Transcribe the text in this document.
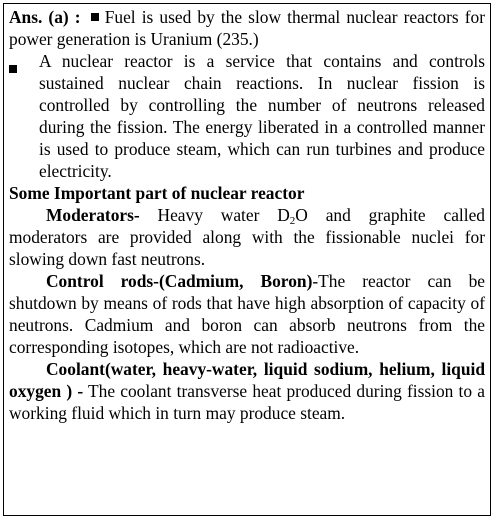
Ans. (a) : Fuel is used by the slow thermal nuclear reactors for power generation is Uranium (235.)

A nuclear reactor is a service that contains and controls sustained nuclear chain reactions. In nuclear fission is controlled by controlling the number of neutrons released during the fission. The energy liberated in a controlled manner is used to produce steam, which can run turbines and produce electricity.

Some Important part of nuclear reactor

Moderators- Heavy water $D_2O$ and graphite called moderators are provided along with the fissionable nuclei for slowing down fast neutrons.

Control rods-(Cadmium, Boron)-The reactor can be shutdown by means of rods that have high absorption of capacity of neutrons. Cadmium and boron can absorb neutrons from the corresponding isotopes, which are not radioactive.

Coolant(water, heavy-water, liquid sodium, helium, liquid oxygen ) - The coolant transverse heat produced during fission to a working fluid which in turn may produce steam.
